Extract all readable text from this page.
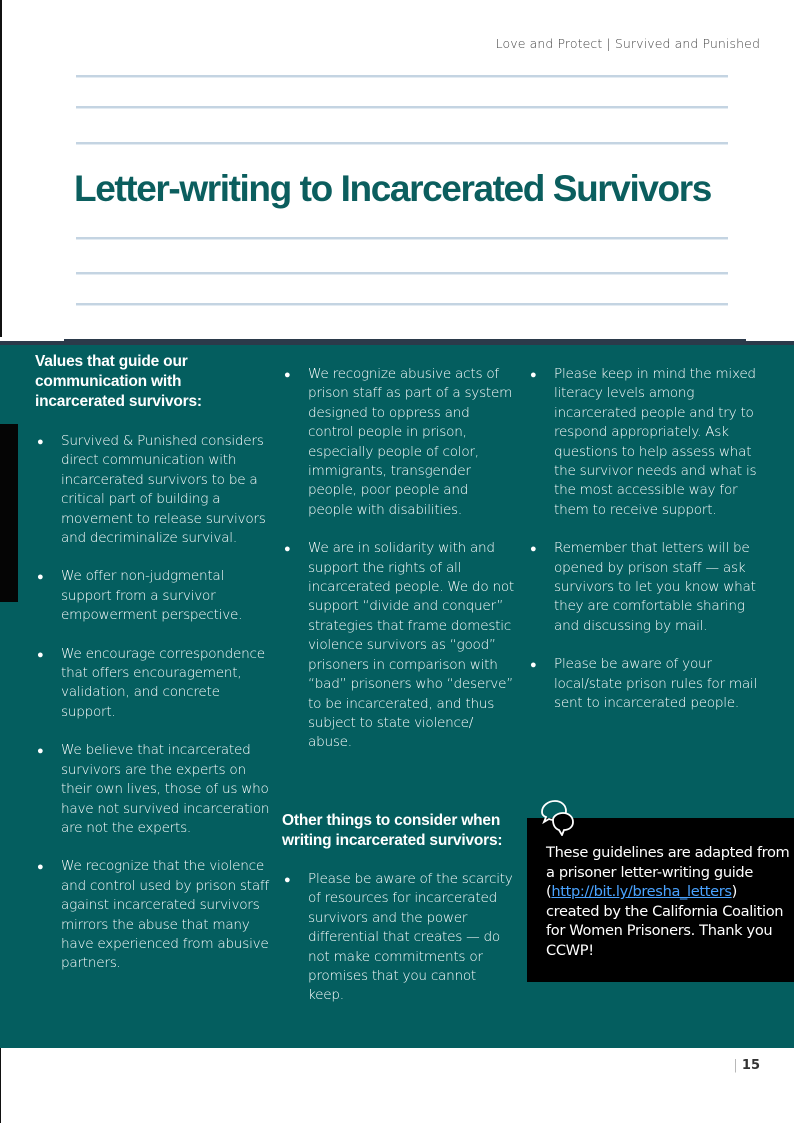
Love and Protect | Survived and Punished
Letter-writing to Incarcerated Survivors
Values that guide our communication with incarcerated survivors:
● Survived & Punished considers direct communication with incarcerated survivors to be a critical part of building a movement to release survivors and decriminalize survival.
● We offer non-judgmental support from a survivor empowerment perspective.
● We encourage correspondence that offers encouragement, validation, and concrete support.
● We believe that incarcerated survivors are the experts on their own lives, those of us who have not survived incarceration are not the experts.
● We recognize that the violence and control used by prison staff against incarcerated survivors mirrors the abuse that many have experienced from abusive partners.
● We recognize abusive acts of prison staff as part of a system designed to oppress and control people in prison, especially people of color, immigrants, transgender people, poor people and people with disabilities.
● We are in solidarity with and support the rights of all incarcerated people. We do not support “divide and conquer” strategies that frame domestic violence survivors as “good” prisoners in comparison with “bad” prisoners who “deserve” to be incarcerated, and thus subject to state violence/ abuse.
Other things to consider when writing incarcerated survivors:
● Please be aware of the scarcity of resources for incarcerated survivors and the power differential that creates — do not make commitments or promises that you cannot keep.
● Please keep in mind the mixed literacy levels among incarcerated people and try to respond appropriately. Ask questions to help assess what the survivor needs and what is the most accessible way for them to receive support.
● Remember that letters will be opened by prison staff — ask survivors to let you know what they are comfortable sharing and discussing by mail.
● Please be aware of your local/state prison rules for mail sent to incarcerated people.
These guidelines are adapted from a prisoner letter-writing guide (http://bit.ly/bresha_letters) created by the California Coalition for Women Prisoners. Thank you CCWP!
| 15
